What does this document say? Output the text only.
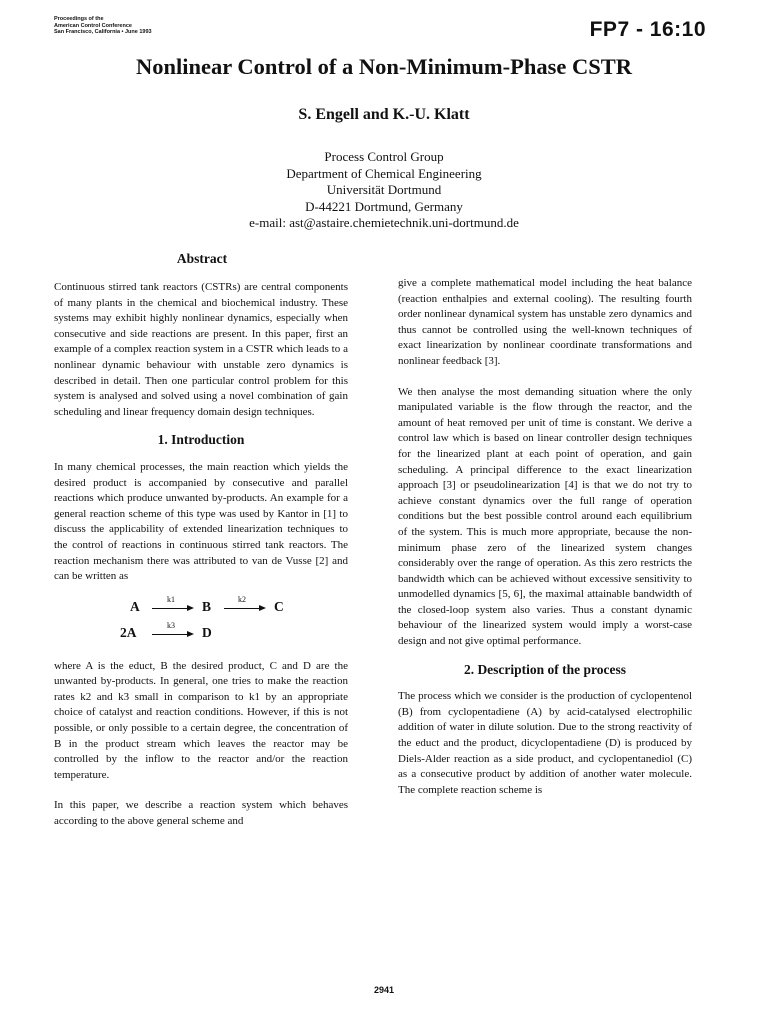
Proceedings of the
American Control Conference
San Francisco, California • June 1993	FP7 - 16:10
Nonlinear Control of a Non-Minimum-Phase CSTR
S. Engell and K.-U. Klatt
Process Control Group
Department of Chemical Engineering
Universität Dortmund
D-44221 Dortmund, Germany
e-mail: ast@astaire.chemietechnik.uni-dortmund.de
Abstract

Continuous stirred tank reactors (CSTRs) are central components of many plants in the chemical and biochemical industry. These systems may exhibit highly nonlinear dynamics, especially when consecutive and side reactions are present. In this paper, first an example of a complex reaction system in a CSTR which leads to a nonlinear dynamic behaviour with unstable zero dynamics is described in detail. Then one particular control problem for this system is analysed and solved using a novel combination of gain scheduling and linear frequency domain design techniques.

1. Introduction

In many chemical processes, the main reaction which yields the desired product is accompanied by consecutive and parallel reactions which produce unwanted by-products. An example for a general reaction scheme of this type was used by Kantor in [1] to discuss the applicability of extended linearization techniques to the control of reactions in continuous stirred tank reactors. The reaction mechanism there was attributed to van de Vusse [2] and can be written as

A	k1 B	k2 C
2A	k3 D

where A is the educt, B the desired product, C and D are the unwanted by-products. In general, one tries to make the reaction rates k2 and k3 small in comparison to k1 by an appropriate choice of catalyst and reaction conditions. However, if this is not possible, or only possible to a certain degree, the concentration of B in the product stream which leaves the reactor may be controlled by the inflow to the reactor and/or the reaction temperature.

In this paper, we describe a reaction system which behaves according to the above general scheme and

give a complete mathematical model including the heat balance (reaction enthalpies and external cooling). The resulting fourth order nonlinear dynamical system has unstable zero dynamics and thus cannot be controlled using the well-known techniques of exact linearization by nonlinear coordinate transformations and nonlinear feedback [3].

We then analyse the most demanding situation where the only manipulated variable is the flow through the reactor, and the amount of heat removed per unit of time is constant. We derive a control law which is based on linear controller design techniques for the linearized plant at each point of operation, and gain scheduling. A principal difference to the exact linearization approach [3] or pseudolinearization [4] is that we do not try to achieve constant dynamics over the full range of operation conditions but the best possible control around each equilibrium of the system. This is much more appropriate, because the non-minimum phase zero of the linearized system changes considerably over the range of operation. As this zero restricts the bandwidth which can be achieved without excessive sensitivity to unmodelled dynamics [5, 6], the maximal attainable bandwidth of the closed-loop system also varies. Thus a constant dynamic behaviour of the linearized system would imply a worst-case design and not give optimal performance.

2. Description of the process

The process which we consider is the production of cyclopentenol (B) from cyclopentadiene (A) by acid-catalysed electrophilic addition of water in dilute solution. Due to the strong reactivity of the educt and the product, dicyclopentadiene (D) is produced by Diels-Alder reaction as a side product, and cyclopentanediol (C) as a consecutive product by addition of another water molecule. The complete reaction scheme is

2941
